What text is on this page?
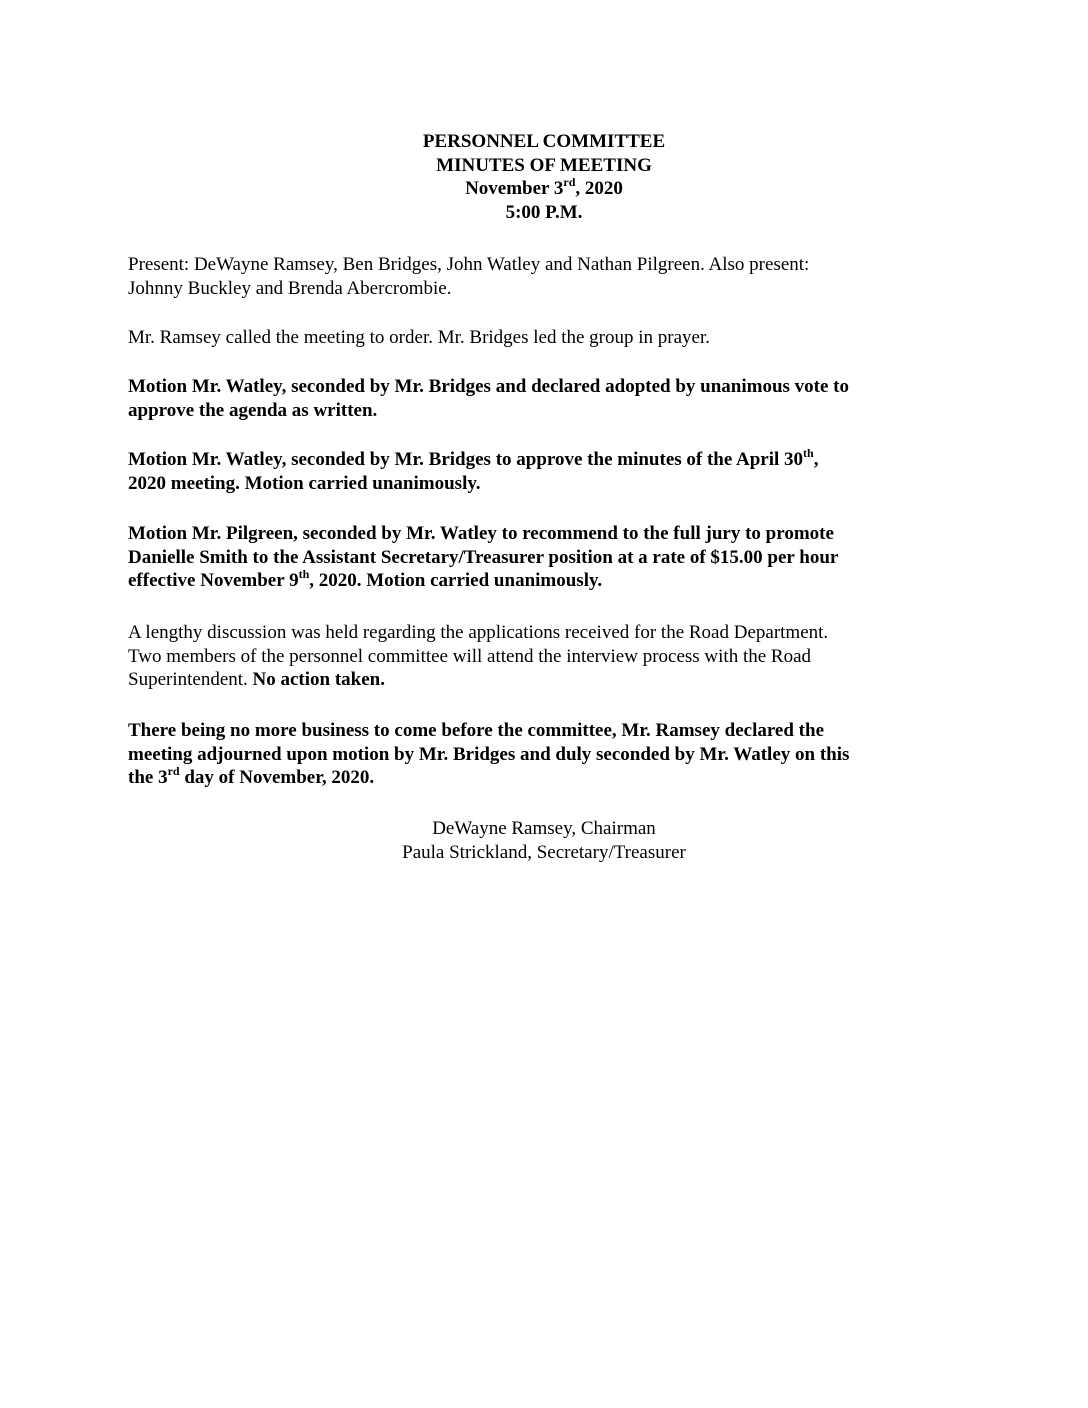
PERSONNEL COMMITTEE
MINUTES OF MEETING
November 3rd, 2020
5:00 P.M.
Present: DeWayne Ramsey, Ben Bridges, John Watley and Nathan Pilgreen. Also present:
Johnny Buckley and Brenda Abercrombie.
Mr. Ramsey called the meeting to order. Mr. Bridges led the group in prayer.
Motion Mr. Watley, seconded by Mr. Bridges and declared adopted by unanimous vote to
approve the agenda as written.
Motion Mr. Watley, seconded by Mr. Bridges to approve the minutes of the April 30th,
2020 meeting. Motion carried unanimously.
Motion Mr. Pilgreen, seconded by Mr. Watley to recommend to the full jury to promote
Danielle Smith to the Assistant Secretary/Treasurer position at a rate of $15.00 per hour
effective November 9th, 2020. Motion carried unanimously.
A lengthy discussion was held regarding the applications received for the Road Department.
Two members of the personnel committee will attend the interview process with the Road
Superintendent. No action taken.
There being no more business to come before the committee, Mr. Ramsey declared the
meeting adjourned upon motion by Mr. Bridges and duly seconded by Mr. Watley on this
the 3rd day of November, 2020.
DeWayne Ramsey, Chairman
Paula Strickland, Secretary/Treasurer
